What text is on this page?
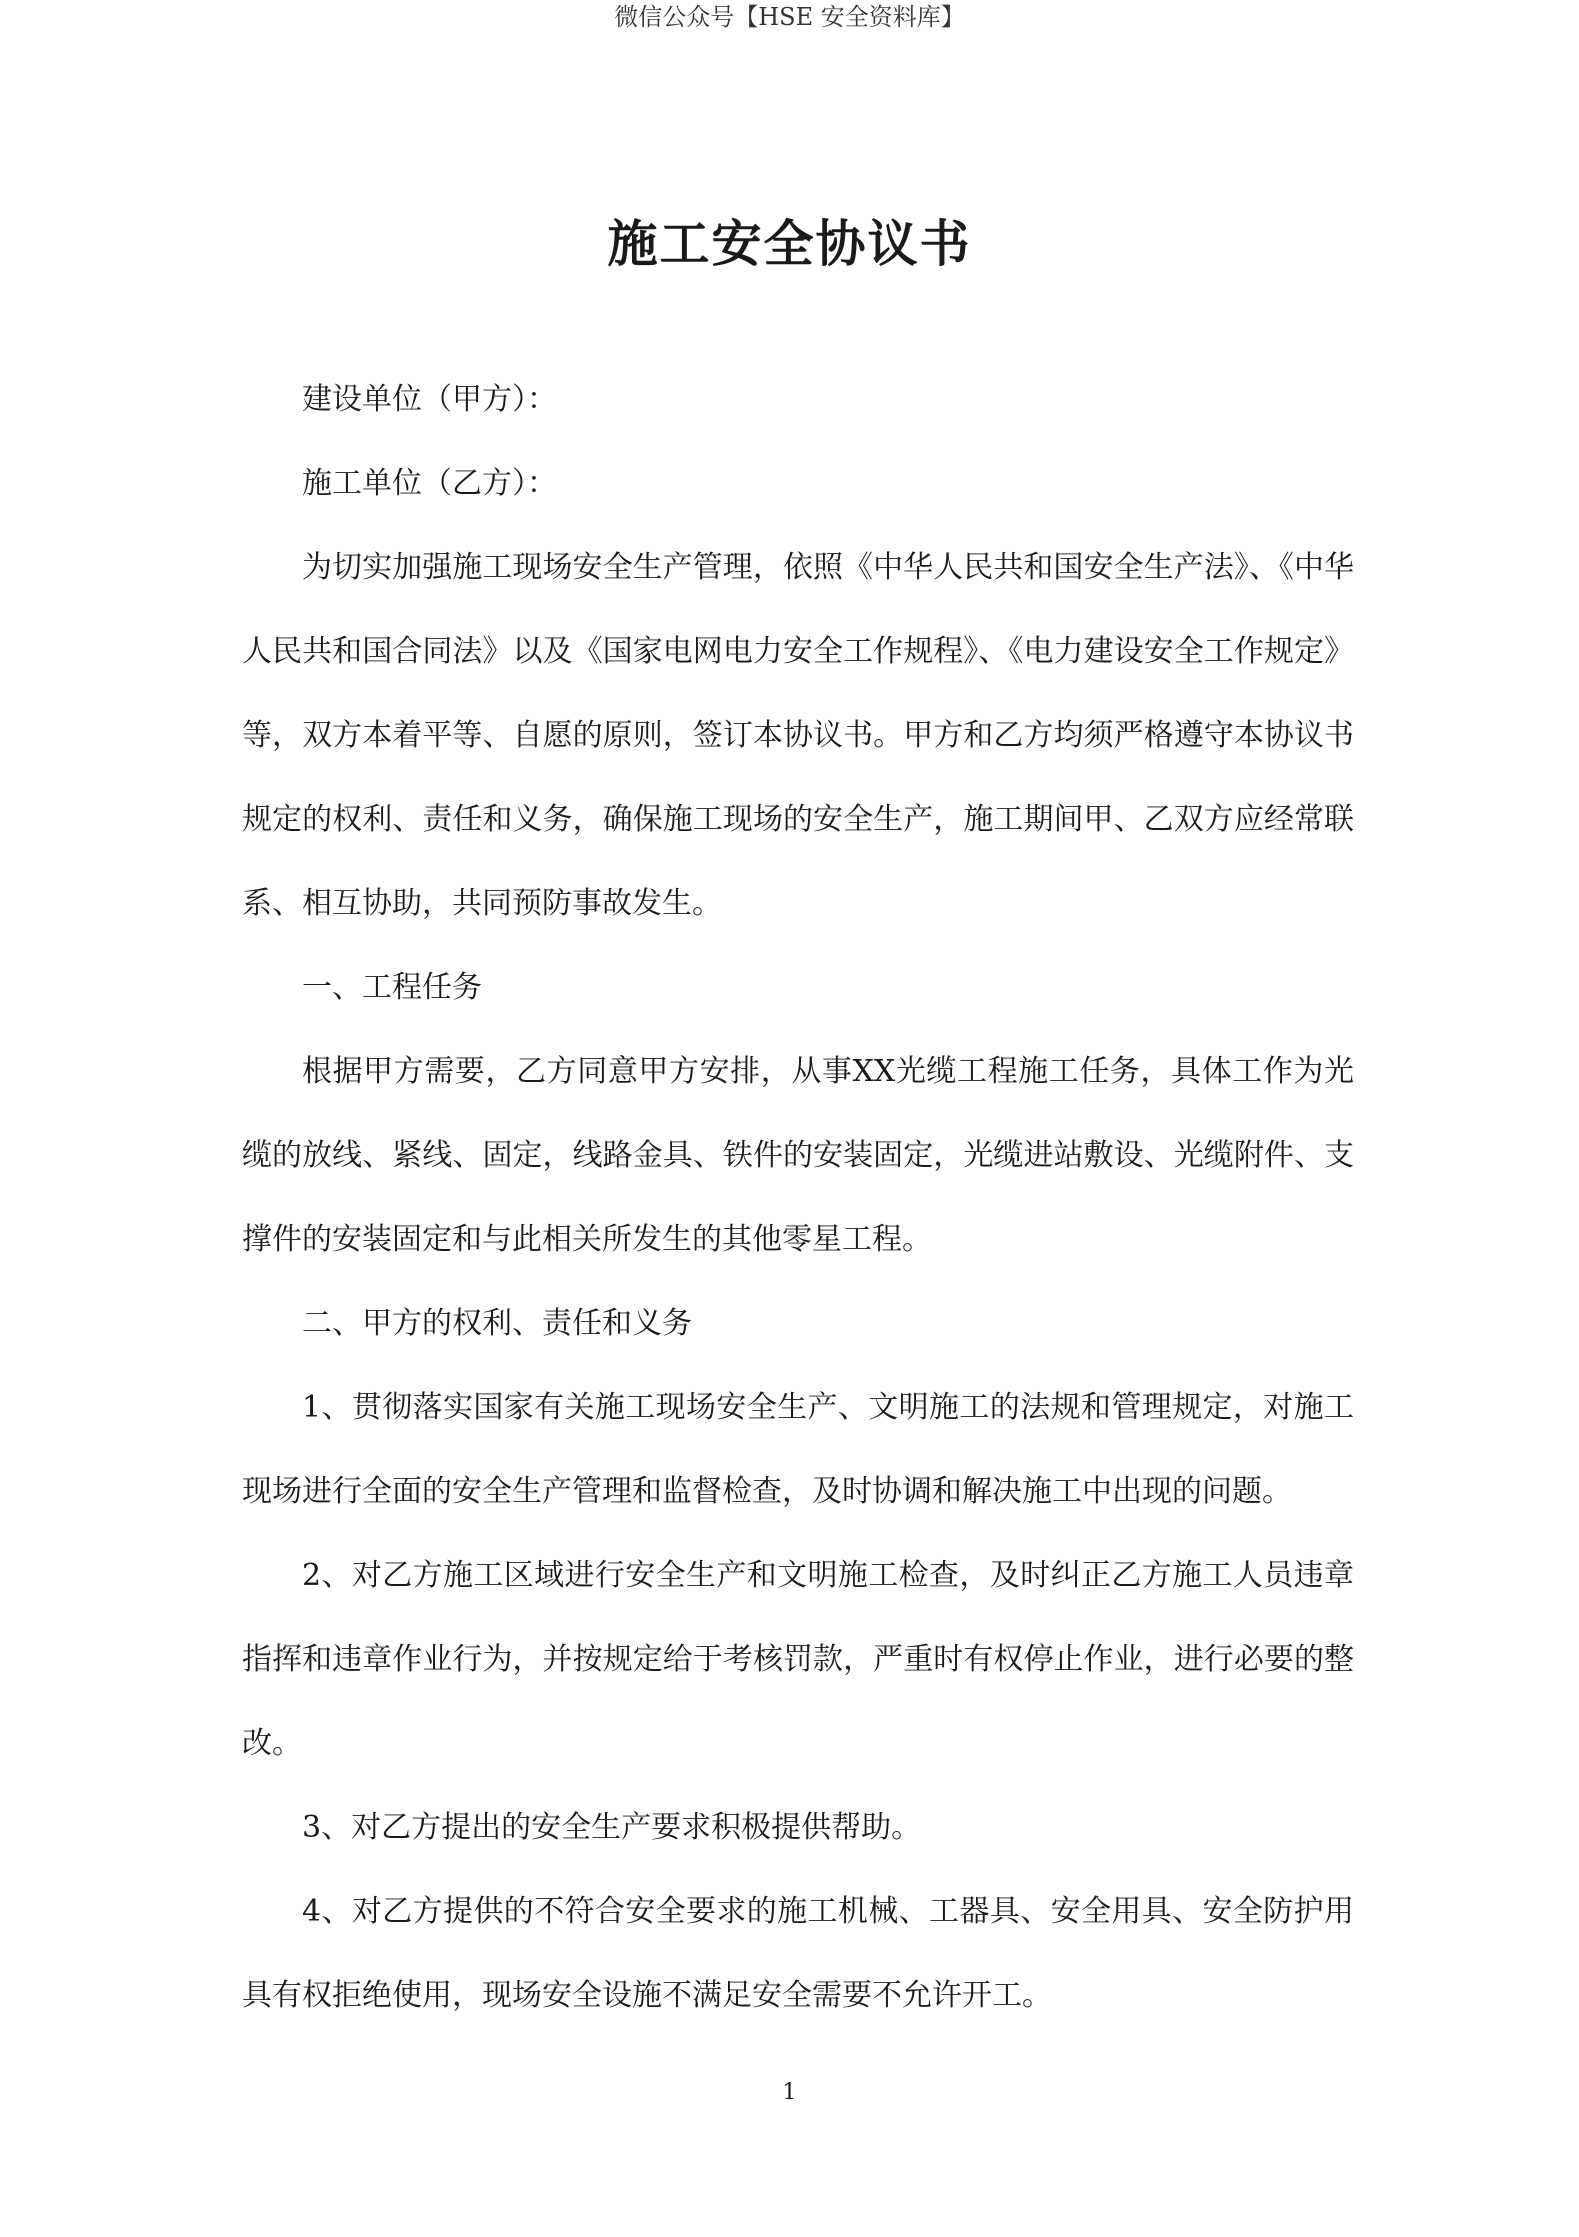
微信公众号【HSE 安全资料库】
施工安全协议书

建设单位（甲方）：

施工单位（乙方）：

为切实加强施工现场安全生产管理，依照《中华人民共和国安全生产法》、《中华人民共和国合同法》以及《国家电网电力安全工作规程》、《电力建设安全工作规定》等，双方本着平等、自愿的原则，签订本协议书。甲方和乙方均须严格遵守本协议书规定的权利、责任和义务，确保施工现场的安全生产，施工期间甲、乙双方应经常联系、相互协助，共同预防事故发生。

一、工程任务

根据甲方需要，乙方同意甲方安排，从事XX光缆工程施工任务，具体工作为光缆的放线、紧线、固定，线路金具、铁件的安装固定，光缆进站敷设、光缆附件、支撑件的安装固定和与此相关所发生的其他零星工程。

二、甲方的权利、责任和义务

1、贯彻落实国家有关施工现场安全生产、文明施工的法规和管理规定，对施工现场进行全面的安全生产管理和监督检查，及时协调和解决施工中出现的问题。

2、对乙方施工区域进行安全生产和文明施工检查，及时纠正乙方施工人员违章指挥和违章作业行为，并按规定给于考核罚款，严重时有权停止作业，进行必要的整改。

3、对乙方提出的安全生产要求积极提供帮助。

4、对乙方提供的不符合安全要求的施工机械、工器具、安全用具、安全防护用具有权拒绝使用，现场安全设施不满足安全需要不允许开工。

1
